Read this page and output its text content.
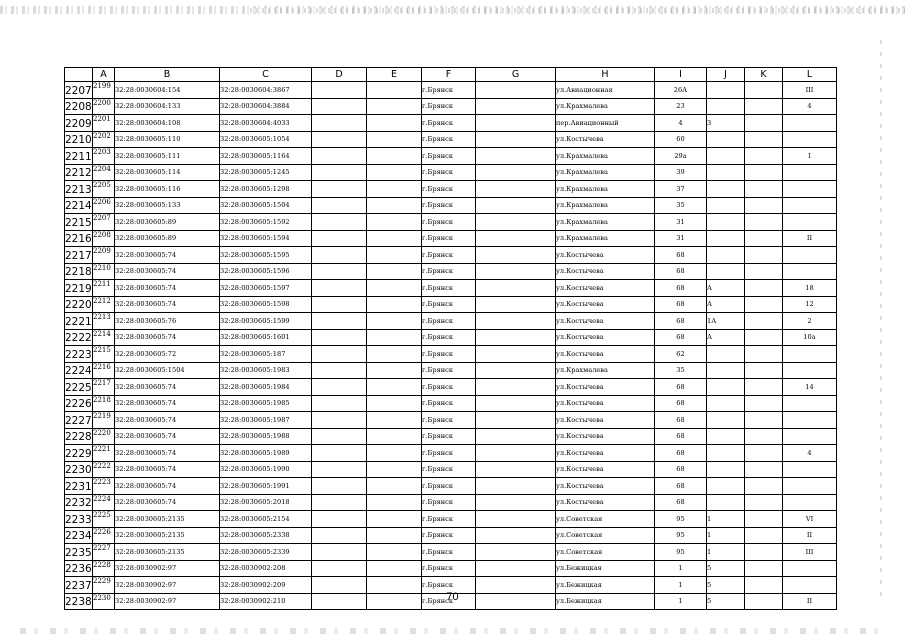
	A	B	C	D	E	F	G	H	I	J	K	L
2207	2199	32:28:0030604:154	32:28:0030604:3867			г.Брянск		ул.Авиационная	26А			III
2208	2200	32:28:0030604:133	32:28:0030604:3884			г.Брянск		ул.Крахмалева	23			4
2209	2201	32:28:0030604:108	32:28:0030604:4033			г.Брянск		пер.Авиационный	4	3		
2210	2202	32:28:0030605:110	32:28:0030605:1054			г.Брянск		ул.Костычева	60			
2211	2203	32:28:0030605:111	32:28:0030605:1164			г.Брянск		ул.Крахмалева	29а			I
2212	2204	32:28:0030605:114	32:28:0030605:1245			г.Брянск		ул.Крахмалева	39			
2213	2205	32:28:0030605:116	32:28:0030605:1298			г.Брянск		ул.Крахмалева	37			
2214	2206	32:28:0030605:133	32:28:0030605:1504			г.Брянск		ул.Крахмалева	35			
2215	2207	32:28:0030605:89	32:28:0030605:1592			г.Брянск		ул.Крахмалева	31			
2216	2208	32:28:0030605:89	32:28:0030605:1594			г.Брянск		ул.Крахмалева	31			II
2217	2209	32:28:0030605:74	32:28:0030605:1595			г.Брянск		ул.Костычева	68			
2218	2210	32:28:0030605:74	32:28:0030605:1596			г.Брянск		ул.Костычева	68			
2219	2211	32:28:0030605:74	32:28:0030605:1597			г.Брянск		ул.Костычева	68	А		18
2220	2212	32:28:0030605:74	32:28:0030605:1598			г.Брянск		ул.Костычева	68	А		12
2221	2213	32:28:0030605:76	32:28:0030605:1599			г.Брянск		ул.Костычева	68	1А		2
2222	2214	32:28:0030605:74	32:28:0030605:1601			г.Брянск		ул.Костычева	68	А		10а
2223	2215	32:28:0030605:72	32:28:0030605:187			г.Брянск		ул.Костычева	62			
2224	2216	32:28:0030605:1504	32:28:0030605:1983			г.Брянск		ул.Крахмалева	35			
2225	2217	32:28:0030605:74	32:28:0030605:1984			г.Брянск		ул.Костычева	68			14
2226	2218	32:28:0030605:74	32:28:0030605:1985			г.Брянск		ул.Костычева	68			
2227	2219	32:28:0030605:74	32:28:0030605:1987			г.Брянск		ул.Костычева	68			
2228	2220	32:28:0030605:74	32:28:0030605:1988			г.Брянск		ул.Костычева	68			
2229	2221	32:28:0030605:74	32:28:0030605:1989			г.Брянск		ул.Костычева	68			4
2230	2222	32:28:0030605:74	32:28:0030605:1990			г.Брянск		ул.Костычева	68			
2231	2223	32:28:0030605:74	32:28:0030605:1991			г.Брянск		ул.Костычева	68			
2232	2224	32:28:0030605:74	32:28:0030605:2018			г.Брянск		ул.Костычева	68			
2233	2225	32:28:0030605:2135	32:28:0030605:2154			г.Брянск		ул.Советская	95	1		VI
2234	2226	32:28:0030605:2135	32:28:0030605:2338			г.Брянск		ул.Советская	95	1		II
2235	2227	32:28:0030605:2135	32:28:0030605:2339			г.Брянск		ул.Советская	95	1		III
2236	2228	32:28:0030902:97	32:28:0030902:208			г.Брянск		ул.Бежицкая	1	5		
2237	2229	32:28:0030902:97	32:28:0030902:209			г.Брянск		ул.Бежицкая	1	5		
2238	2230	32:28:0030902:97	32:28:0030902:210			г.Брянск		ул.Бежицкая	1	5		II
70
